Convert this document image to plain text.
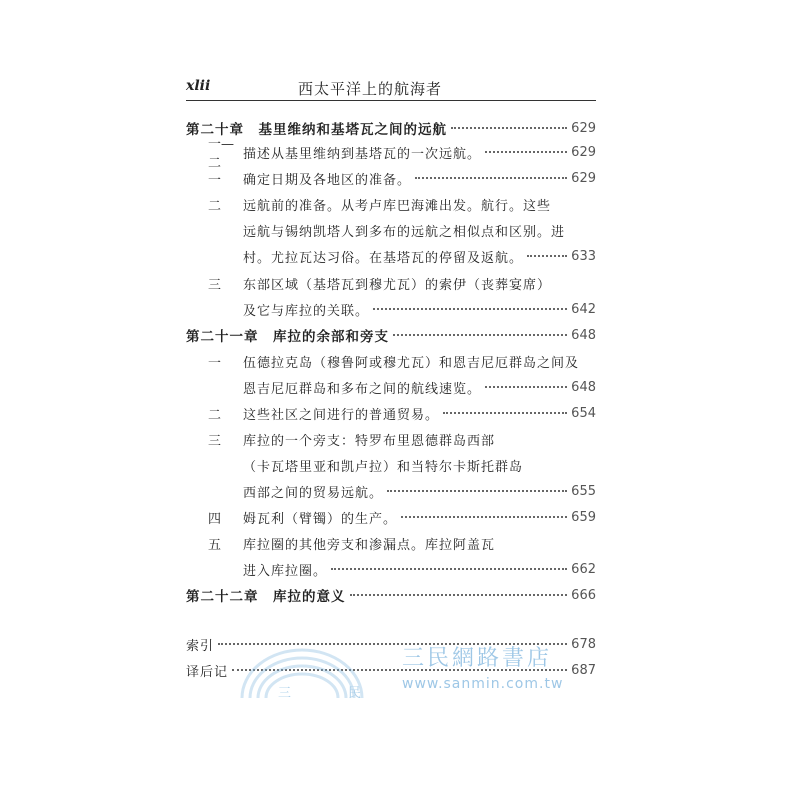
xlii	西太平洋上的航海者
第二十章　基里维纳和基塔瓦之间的远航	629
一—二
描述从基里维纳到基塔瓦的一次远航。	629
一	确定日期及各地区的准备。	629
二	远航前的准备。从考卢库巴海滩出发。航行。这些
远航与锡纳凯塔人到多布的远航之相似点和区别。进
村。尤拉瓦达习俗。在基塔瓦的停留及返航。	633
三	东部区域（基塔瓦到穆尤瓦）的索伊（丧葬宴席）
及它与库拉的关联。	642
第二十一章　库拉的余部和旁支	648
一	伍德拉克岛（穆鲁阿或穆尤瓦）和恩吉尼厄群岛之间及
恩吉尼厄群岛和多布之间的航线速览。	648
二	这些社区之间进行的普通贸易。	654
三	库拉的一个旁支：特罗布里恩德群岛西部
（卡瓦塔里亚和凯卢拉）和当特尔卡斯托群岛
西部之间的贸易远航。	655
四	姆瓦利（臂镯）的生产。	659
五	库拉圈的其他旁支和渗漏点。库拉阿盖瓦
进入库拉圈。	662
第二十二章　库拉的意义	666
索引	678
译后记	687
三	民
三民網路書店
www.sanmin.com.tw
